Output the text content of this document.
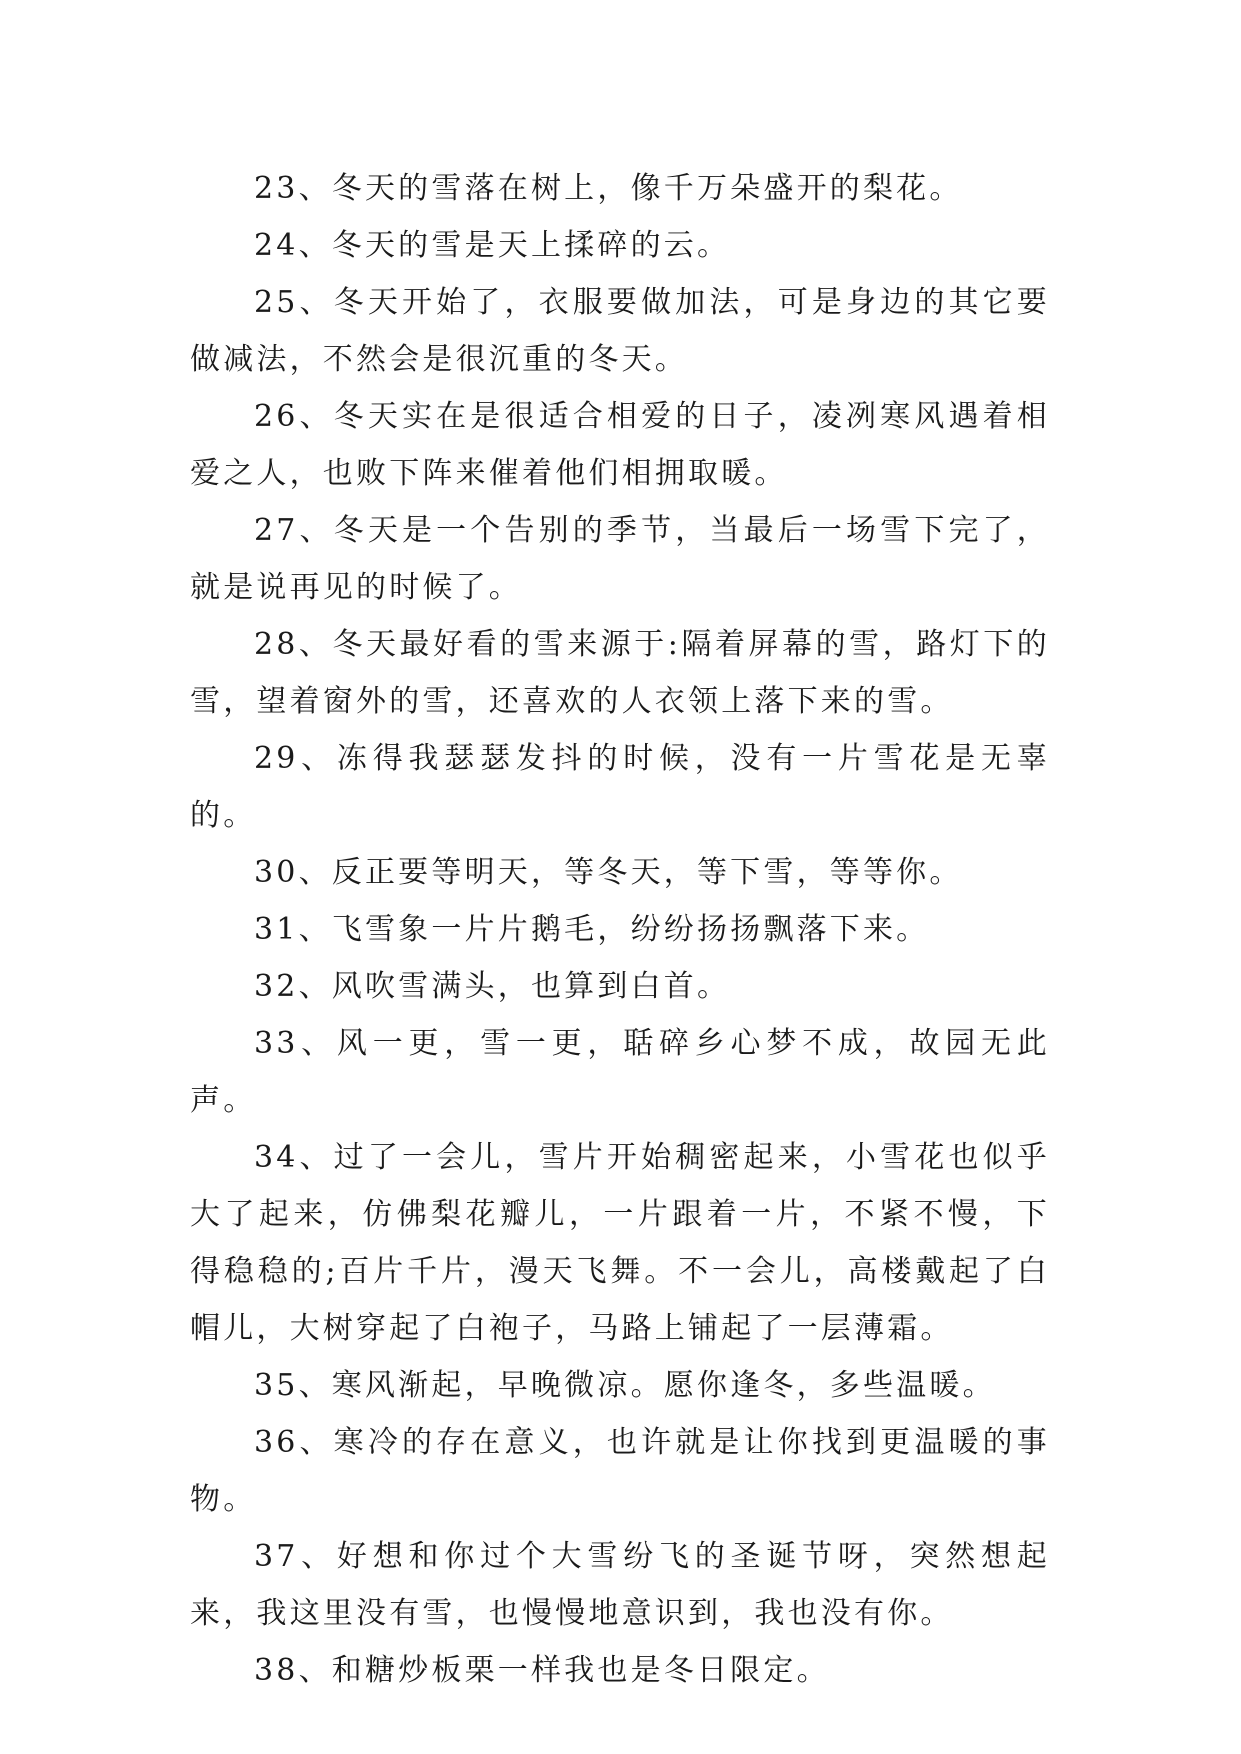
23、冬天的雪落在树上，像千万朵盛开的梨花。

24、冬天的雪是天上揉碎的云。

25、冬天开始了，衣服要做加法，可是身边的其它要做减法，不然会是很沉重的冬天。

26、冬天实在是很适合相爱的日子，凌冽寒风遇着相爱之人，也败下阵来催着他们相拥取暖。

27、冬天是一个告别的季节，当最后一场雪下完了，就是说再见的时候了。

28、冬天最好看的雪来源于:隔着屏幕的雪，路灯下的雪，望着窗外的雪，还喜欢的人衣领上落下来的雪。

29、冻得我瑟瑟发抖的时候，没有一片雪花是无辜的。

30、反正要等明天，等冬天，等下雪，等等你。

31、飞雪象一片片鹅毛，纷纷扬扬飘落下来。

32、风吹雪满头，也算到白首。

33、风一更，雪一更，聒碎乡心梦不成，故园无此声。

34、过了一会儿，雪片开始稠密起来，小雪花也似乎大了起来，仿佛梨花瓣儿，一片跟着一片，不紧不慢，下得稳稳的;百片千片，漫天飞舞。不一会儿，高楼戴起了白帽儿，大树穿起了白袍子，马路上铺起了一层薄霜。

35、寒风渐起，早晚微凉。愿你逢冬，多些温暖。

36、寒冷的存在意义，也许就是让你找到更温暖的事物。

37、好想和你过个大雪纷飞的圣诞节呀，突然想起来，我这里没有雪，也慢慢地意识到，我也没有你。

38、和糖炒板栗一样我也是冬日限定。
